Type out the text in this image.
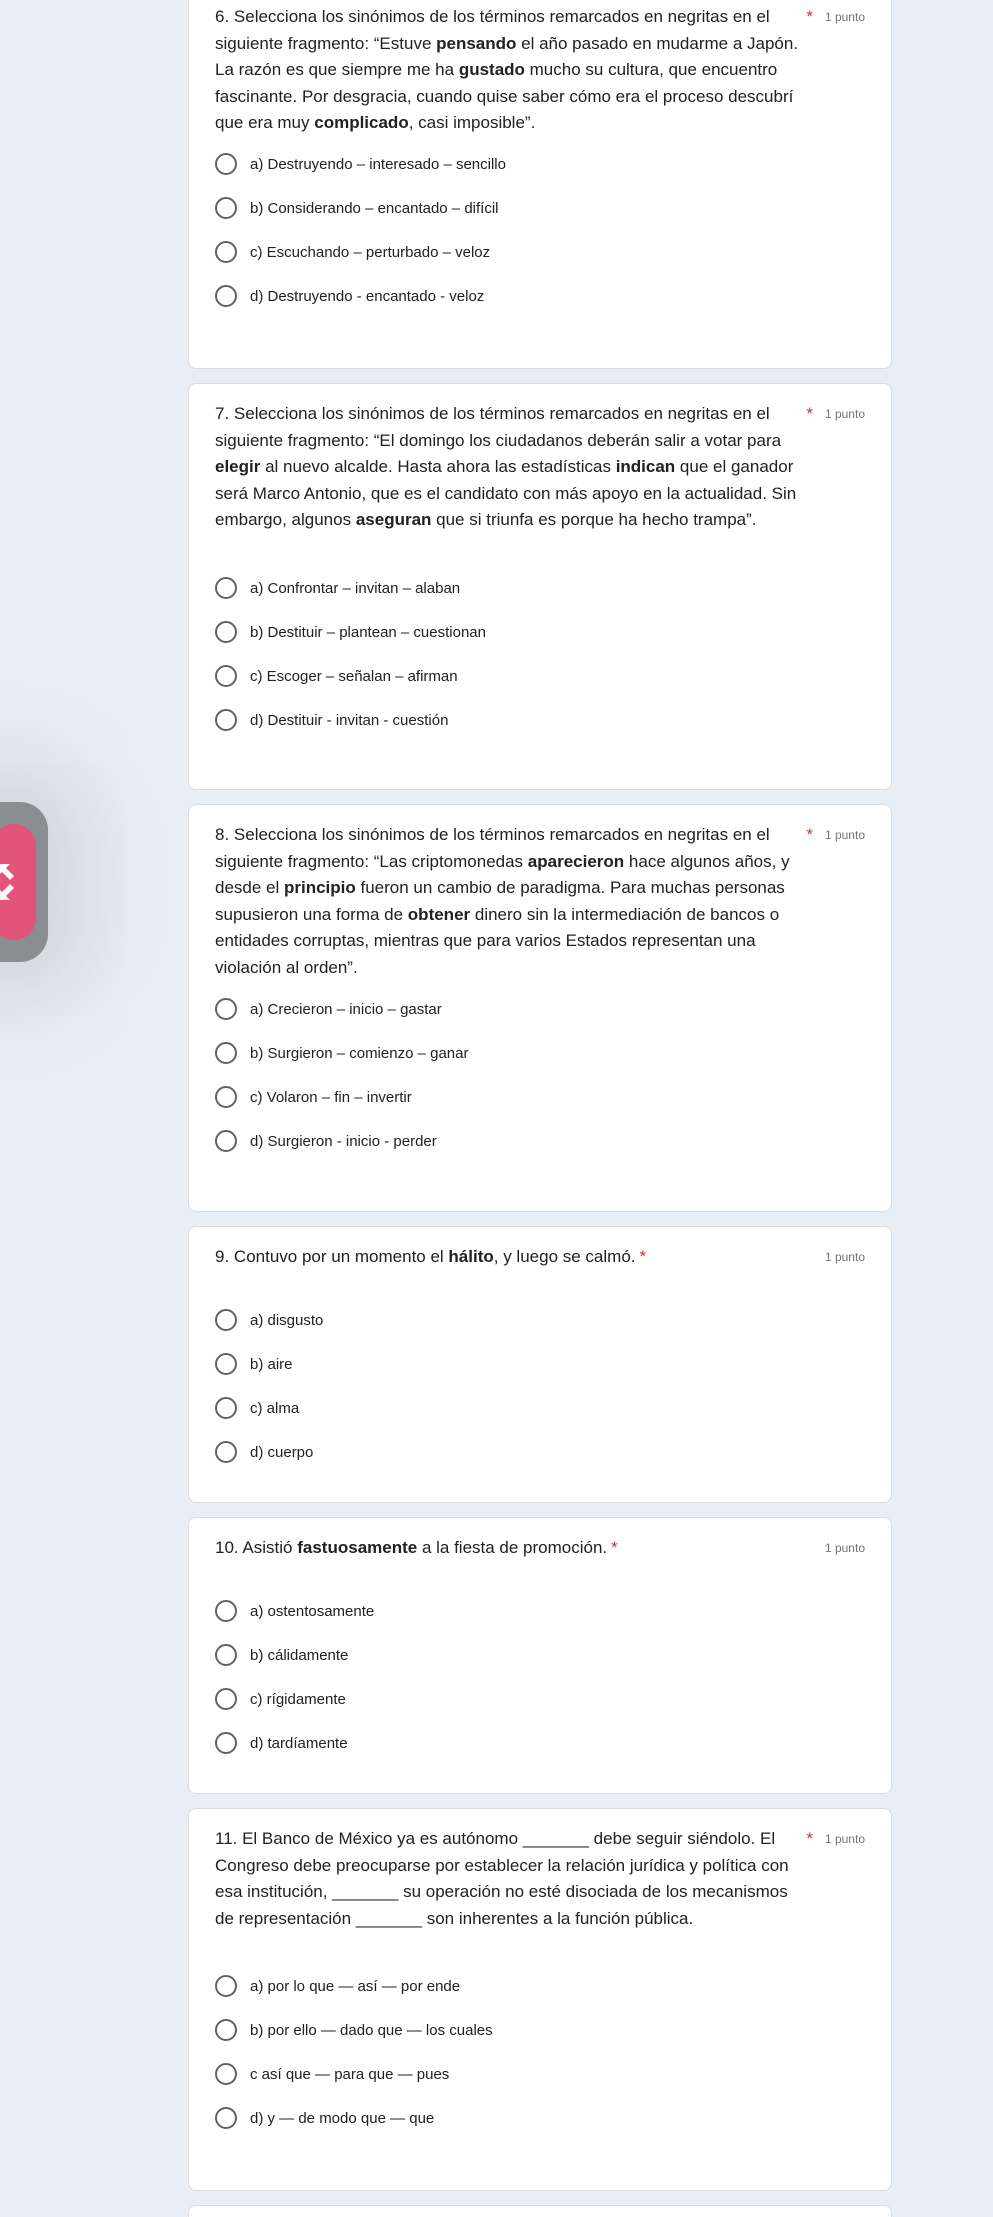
6. Selecciona los sinónimos de los términos remarcados en negritas en el siguiente fragmento: “Estuve pensando el año pasado en mudarme a Japón. La razón es que siempre me ha gustado mucho su cultura, que encuentro fascinante. Por desgracia, cuando quise saber cómo era el proceso descubrí que era muy complicado, casi imposible”.
* 1 punto
a) Destruyendo – interesado – sencillo
b) Considerando – encantado – difícil
c) Escuchando – perturbado – veloz
d) Destruyendo - encantado - veloz
7. Selecciona los sinónimos de los términos remarcados en negritas en el siguiente fragmento: “El domingo los ciudadanos deberán salir a votar para elegir al nuevo alcalde. Hasta ahora las estadísticas indican que el ganador será Marco Antonio, que es el candidato con más apoyo en la actualidad. Sin embargo, algunos aseguran que si triunfa es porque ha hecho trampa”.
* 1 punto
a) Confrontar – invitan – alaban
b) Destituir – plantean – cuestionan
c) Escoger – señalan – afirman
d) Destituir - invitan - cuestión
8. Selecciona los sinónimos de los términos remarcados en negritas en el siguiente fragmento: “Las criptomonedas aparecieron hace algunos años, y desde el principio fueron un cambio de paradigma. Para muchas personas supusieron una forma de obtener dinero sin la intermediación de bancos o entidades corruptas, mientras que para varios Estados representan una violación al orden”.
* 1 punto
a) Crecieron – inicio – gastar
b) Surgieron – comienzo – ganar
c) Volaron – fin – invertir
d) Surgieron - inicio - perder
9. Contuvo por un momento el hálito, y luego se calmó. *	1 punto
a) disgusto
b) aire
c) alma
d) cuerpo
10. Asistió fastuosamente a la fiesta de promoción. *	1 punto
a) ostentosamente
b) cálidamente
c) rígidamente
d) tardíamente
11. El Banco de México ya es autónomo _______ debe seguir siéndolo. El Congreso debe preocuparse por establecer la relación jurídica y política con esa institución, _______ su operación no esté disociada de los mecanismos de representación _______ son inherentes a la función pública.
* 1 punto
a) por lo que — así — por ende
b) por ello — dado que — los cuales
c así que — para que — pues
d) y — de modo que — que
